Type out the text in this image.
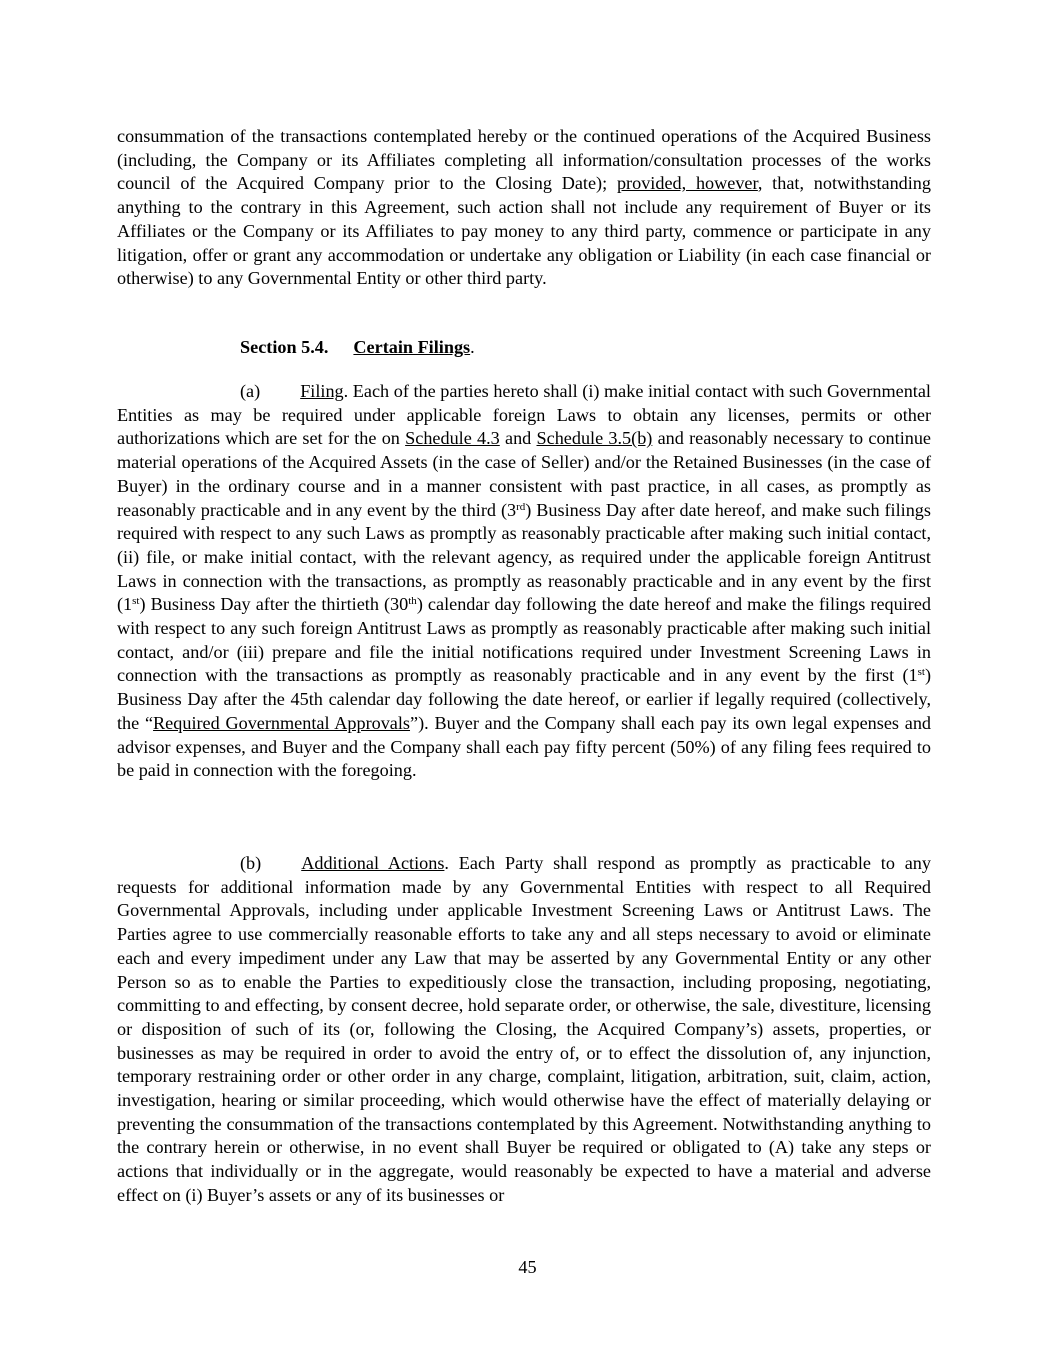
consummation of the transactions contemplated hereby or the continued operations of the Acquired Business (including, the Company or its Affiliates completing all information/consultation processes of the works council of the Acquired Company prior to the Closing Date); provided, however, that, notwithstanding anything to the contrary in this Agreement, such action shall not include any requirement of Buyer or its Affiliates or the Company or its Affiliates to pay money to any third party, commence or participate in any litigation, offer or grant any accommodation or undertake any obligation or Liability (in each case financial or otherwise) to any Governmental Entity or other third party.

Section 5.4. Certain Filings.

(a) Filing. Each of the parties hereto shall (i) make initial contact with such Governmental Entities as may be required under applicable foreign Laws to obtain any licenses, permits or other authorizations which are set for the on Schedule 4.3 and Schedule 3.5(b) and reasonably necessary to continue material operations of the Acquired Assets (in the case of Seller) and/or the Retained Businesses (in the case of Buyer) in the ordinary course and in a manner consistent with past practice, in all cases, as promptly as reasonably practicable and in any event by the third (3rd) Business Day after date hereof, and make such filings required with respect to any such Laws as promptly as reasonably practicable after making such initial contact, (ii) file, or make initial contact, with the relevant agency, as required under the applicable foreign Antitrust Laws in connection with the transactions, as promptly as reasonably practicable and in any event by the first (1st) Business Day after the thirtieth (30th) calendar day following the date hereof and make the filings required with respect to any such foreign Antitrust Laws as promptly as reasonably practicable after making such initial contact, and/or (iii) prepare and file the initial notifications required under Investment Screening Laws in connection with the transactions as promptly as reasonably practicable and in any event by the first (1st) Business Day after the 45th calendar day following the date hereof, or earlier if legally required (collectively, the “Required Governmental Approvals”). Buyer and the Company shall each pay its own legal expenses and advisor expenses, and Buyer and the Company shall each pay fifty percent (50%) of any filing fees required to be paid in connection with the foregoing.

(b) Additional Actions. Each Party shall respond as promptly as practicable to any requests for additional information made by any Governmental Entities with respect to all Required Governmental Approvals, including under applicable Investment Screening Laws or Antitrust Laws. The Parties agree to use commercially reasonable efforts to take any and all steps necessary to avoid or eliminate each and every impediment under any Law that may be asserted by any Governmental Entity or any other Person so as to enable the Parties to expeditiously close the transaction, including proposing, negotiating, committing to and effecting, by consent decree, hold separate order, or otherwise, the sale, divestiture, licensing or disposition of such of its (or, following the Closing, the Acquired Company’s) assets, properties, or businesses as may be required in order to avoid the entry of, or to effect the dissolution of, any injunction, temporary restraining order or other order in any charge, complaint, litigation, arbitration, suit, claim, action, investigation, hearing or similar proceeding, which would otherwise have the effect of materially delaying or preventing the consummation of the transactions contemplated by this Agreement. Notwithstanding anything to the contrary herein or otherwise, in no event shall Buyer be required or obligated to (A) take any steps or actions that individually or in the aggregate, would reasonably be expected to have a material and adverse effect on (i) Buyer’s assets or any of its businesses or

45
